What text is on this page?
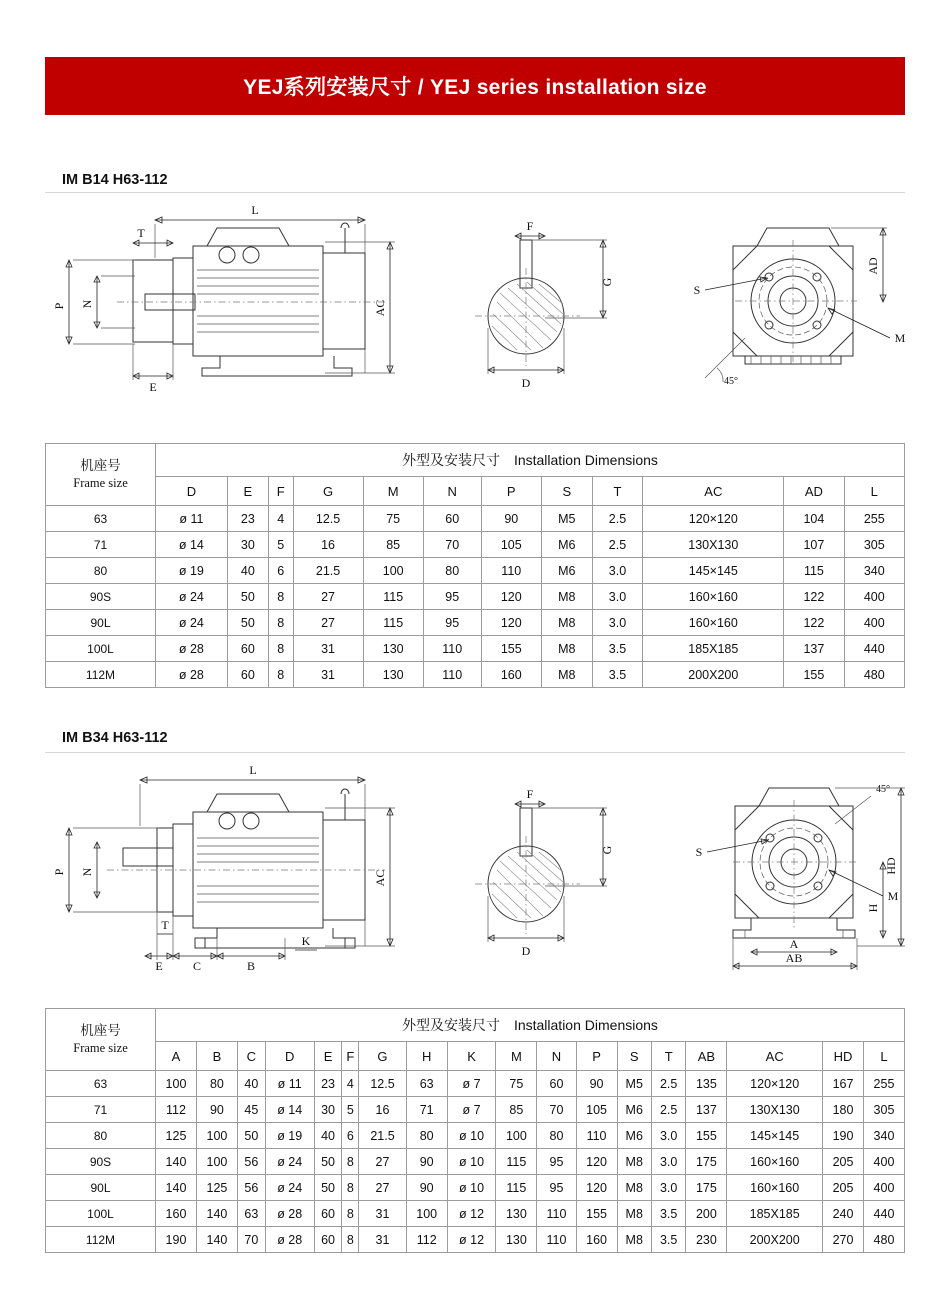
YEJ系列安装尺寸 / YEJ series installation size
IM B14 H63-112
L
T
P N
E
AC
F
G
D
S
M
AD
45°
机座号
Frame size	外型及安装尺寸 Installation Dimensions											
	D	E	F	G	M	N	P	S	T	AC	AD	L
63	ø 11	23	4	12.5	75	60	90	M5	2.5	120×120	104	255
71	ø 14	30	5	16	85	70	105	M6	2.5	130X130	107	305
80	ø 19	40	6	21.5	100	80	110	M6	3.0	145×145	115	340
90S	ø 24	50	8	27	115	95	120	M8	3.0	160×160	122	400
90L	ø 24	50	8	27	115	95	120	M8	3.0	160×160	122	400
100L	ø 28	60	8	31	130	110	155	M8	3.5	185X185	137	440
112M	ø 28	60	8	31	130	110	160	M8	3.5	200X200	155	480
IM B34 H63-112
L
P N
T
E	C	B
K
AC
F
G
D
S
M
45°
H
HD
A
AB
机座号
Frame size	外型及安装尺寸 Installation Dimensions																	
	A	B	C	D	E	F	G	H	K	M	N	P	S	T	AB	AC	HD	L
63	100	80	40	ø 11	23	4	12.5	63	ø 7	75	60	90	M5	2.5	135	120×120	167	255
71	112	90	45	ø 14	30	5	16	71	ø 7	85	70	105	M6	2.5	137	130X130	180	305
80	125	100	50	ø 19	40	6	21.5	80	ø 10	100	80	110	M6	3.0	155	145×145	190	340
90S	140	100	56	ø 24	50	8	27	90	ø 10	115	95	120	M8	3.0	175	160×160	205	400
90L	140	125	56	ø 24	50	8	27	90	ø 10	115	95	120	M8	3.0	175	160×160	205	400
100L	160	140	63	ø 28	60	8	31	100	ø 12	130	110	155	M8	3.5	200	185X185	240	440
112M	190	140	70	ø 28	60	8	31	112	ø 12	130	110	160	M8	3.5	230	200X200	270	480
